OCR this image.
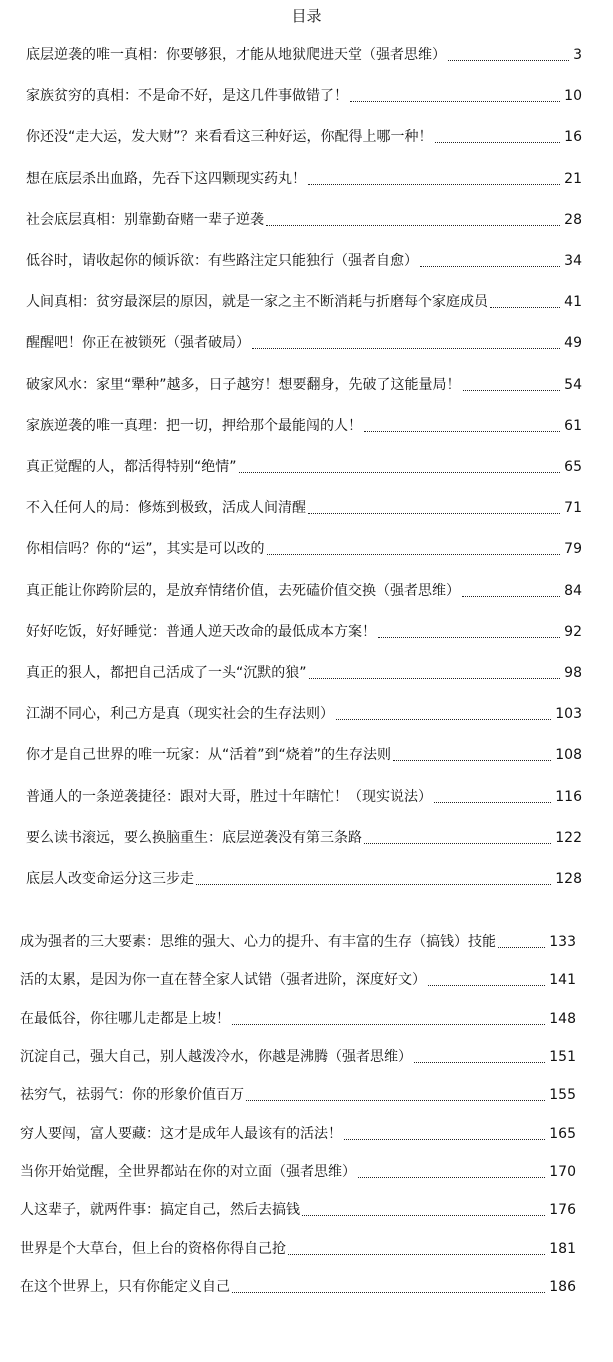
目录
底层逆袭的唯一真相：你要够狠，才能从地狱爬进天堂（强者思维）	3
家族贫穷的真相：不是命不好，是这几件事做错了！	10
你还没“走大运，发大财”？来看看这三种好运，你配得上哪一种！	16
想在底层杀出血路，先吞下这四颗现实药丸！	21
社会底层真相：别靠勤奋赌一辈子逆袭	28
低谷时，请收起你的倾诉欲：有些路注定只能独行（强者自愈）	34
人间真相：贫穷最深层的原因，就是一家之主不断消耗与折磨每个家庭成员	41
醒醒吧！你正在被锁死（强者破局）	49
破家风水：家里“犟种”越多，日子越穷！想要翻身，先破了这能量局！	54
家族逆袭的唯一真理：把一切，押给那个最能闯的人！	61
真正觉醒的人，都活得特别“绝情”	65
不入任何人的局：修炼到极致，活成人间清醒	71
你相信吗？你的“运”，其实是可以改的	79
真正能让你跨阶层的，是放弃情绪价值，去死磕价值交换（强者思维）	84
好好吃饭，好好睡觉：普通人逆天改命的最低成本方案！	92
真正的狠人，都把自己活成了一头“沉默的狼”	98
江湖不同心，利己方是真（现实社会的生存法则）	103
你才是自己世界的唯一玩家：从“活着”到“烧着”的生存法则	108
普通人的一条逆袭捷径：跟对大哥，胜过十年瞎忙！（现实说法）	116
要么读书滚远，要么换脑重生：底层逆袭没有第三条路	122
底层人改变命运分这三步走	128
成为强者的三大要素：思维的强大、心力的提升、有丰富的生存（搞钱）技能	133
活的太累，是因为你一直在替全家人试错（强者进阶，深度好文）	141
在最低谷，你往哪儿走都是上坡！	148
沉淀自己，强大自己，别人越泼冷水，你越是沸腾（强者思维）	151
祛穷气，祛弱气：你的形象价值百万	155
穷人要闯，富人要藏：这才是成年人最该有的活法！	165
当你开始觉醒，全世界都站在你的对立面（强者思维）	170
人这辈子，就两件事：搞定自己，然后去搞钱	176
世界是个大草台，但上台的资格你得自己抢	181
在这个世界上，只有你能定义自己	186
